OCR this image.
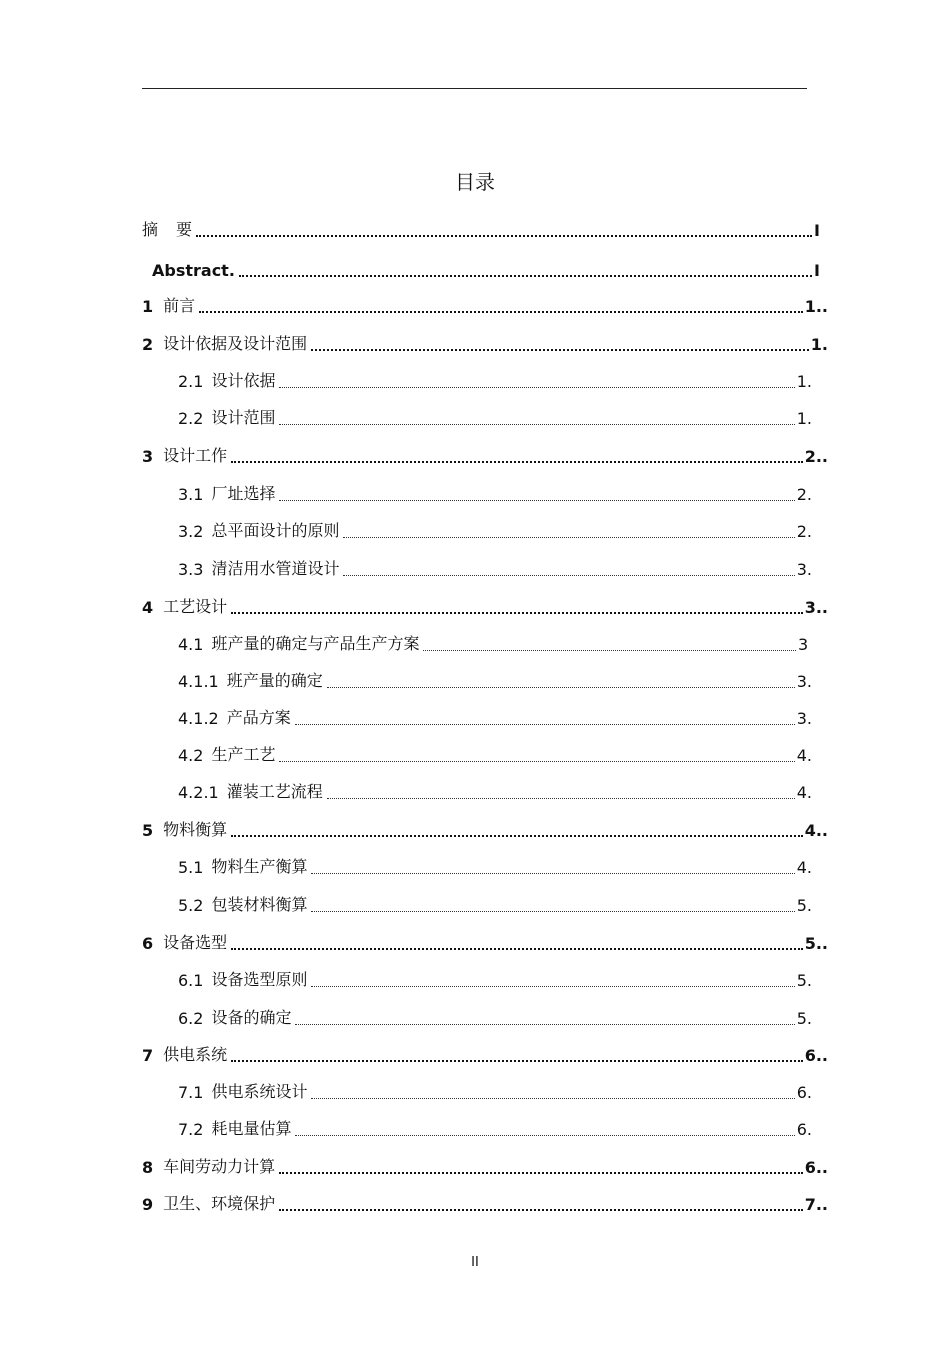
目录
摘 要	I
Abstract.	I
1 前言	1..
2 设计依据及设计范围	1.
2.1 设计依据	1.
2.2 设计范围	1.
3 设计工作	2..
3.1 厂址选择	2.
3.2 总平面设计的原则	2.
3.3 清洁用水管道设计	3.
4 工艺设计	3..
4.1 班产量的确定与产品生产方案	3
4.1.1 班产量的确定	3.
4.1.2 产品方案	3.
4.2 生产工艺	4.
4.2.1 灌装工艺流程	4.
5 物料衡算	4..
5.1 物料生产衡算	4.
5.2 包装材料衡算	5.
6 设备选型	5..
6.1 设备选型原则	5.
6.2 设备的确定	5.
7 供电系统	6..
7.1 供电系统设计	6.
7.2 耗电量估算	6.
8 车间劳动力计算	6..
9 卫生、环境保护	7..
II
